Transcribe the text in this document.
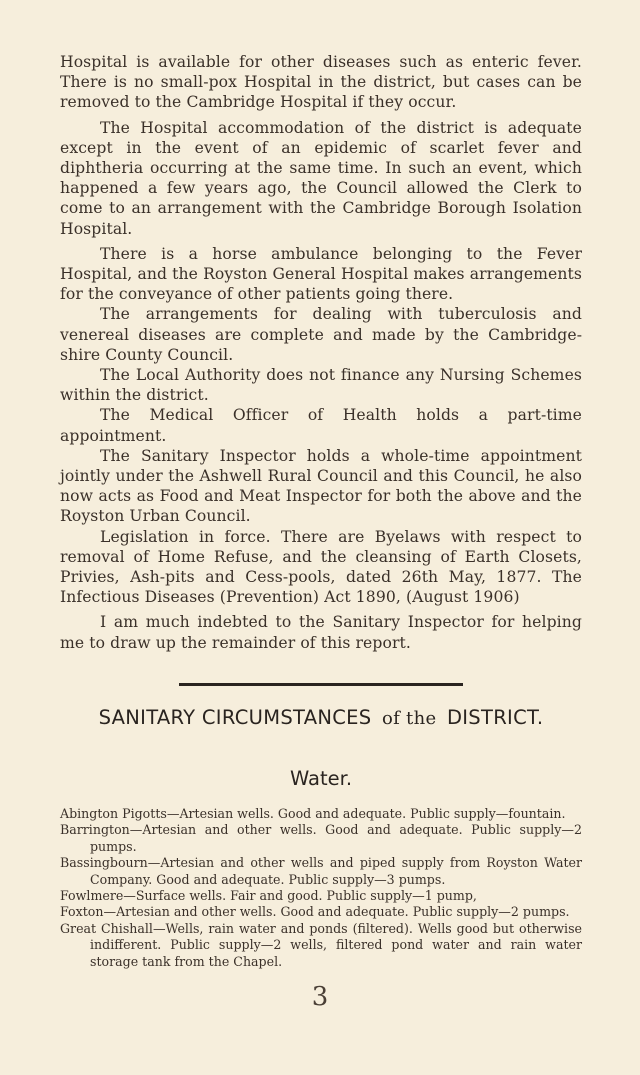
Hospital is available for other diseases such as enteric fever. There is no small-pox Hospital in the district, but cases can be removed to the Cambridge Hospital if they occur.

The Hospital accommodation of the district is adequate except in the event of an epidemic of scarlet fever and diphtheria occurring at the same time. In such an event, which happened a few years ago, the Council allowed the Clerk to come to an arrangement with the Cambridge Borough Isolation Hospital.

There is a horse ambulance belonging to the Fever Hospital, and the Royston General Hospital makes arrangements for the conveyance of other patients going there.

The arrangements for dealing with tuberculosis and venereal diseases are complete and made by the Cambridgeshire County Council.

The Local Authority does not finance any Nursing Schemes within the district.

The Medical Officer of Health holds a part-time appointment.

The Sanitary Inspector holds a whole-time appointment jointly under the Ashwell Rural Council and this Council, he also now acts as Food and Meat Inspector for both the above and the Royston Urban Council.

Legislation in force. There are Byelaws with respect to removal of Home Refuse, and the cleansing of Earth Closets, Privies, Ash-pits and Cess-pools, dated 26th May, 1877. The Infectious Diseases (Prevention) Act 1890, (August 1906)

I am much indebted to the Sanitary Inspector for helping me to draw up the remainder of this report.

SANITARY CIRCUMSTANCES of the DISTRICT.
Water.

Abington Pigotts—Artesian wells. Good and adequate. Public supply—fountain.

Barrington—Artesian and other wells. Good and adequate. Public supply—2 pumps.

Bassingbourn—Artesian and other wells and piped supply from Royston Water Company. Good and adequate. Public supply—3 pumps.

Fowlmere—Surface wells. Fair and good. Public supply—1 pump,

Foxton—Artesian and other wells. Good and adequate. Public supply—2 pumps.

Great Chishall—Wells, rain water and ponds (filtered). Wells good but otherwise indifferent. Public supply—2 wells, filtered pond water and rain water storage tank from the Chapel.

3
